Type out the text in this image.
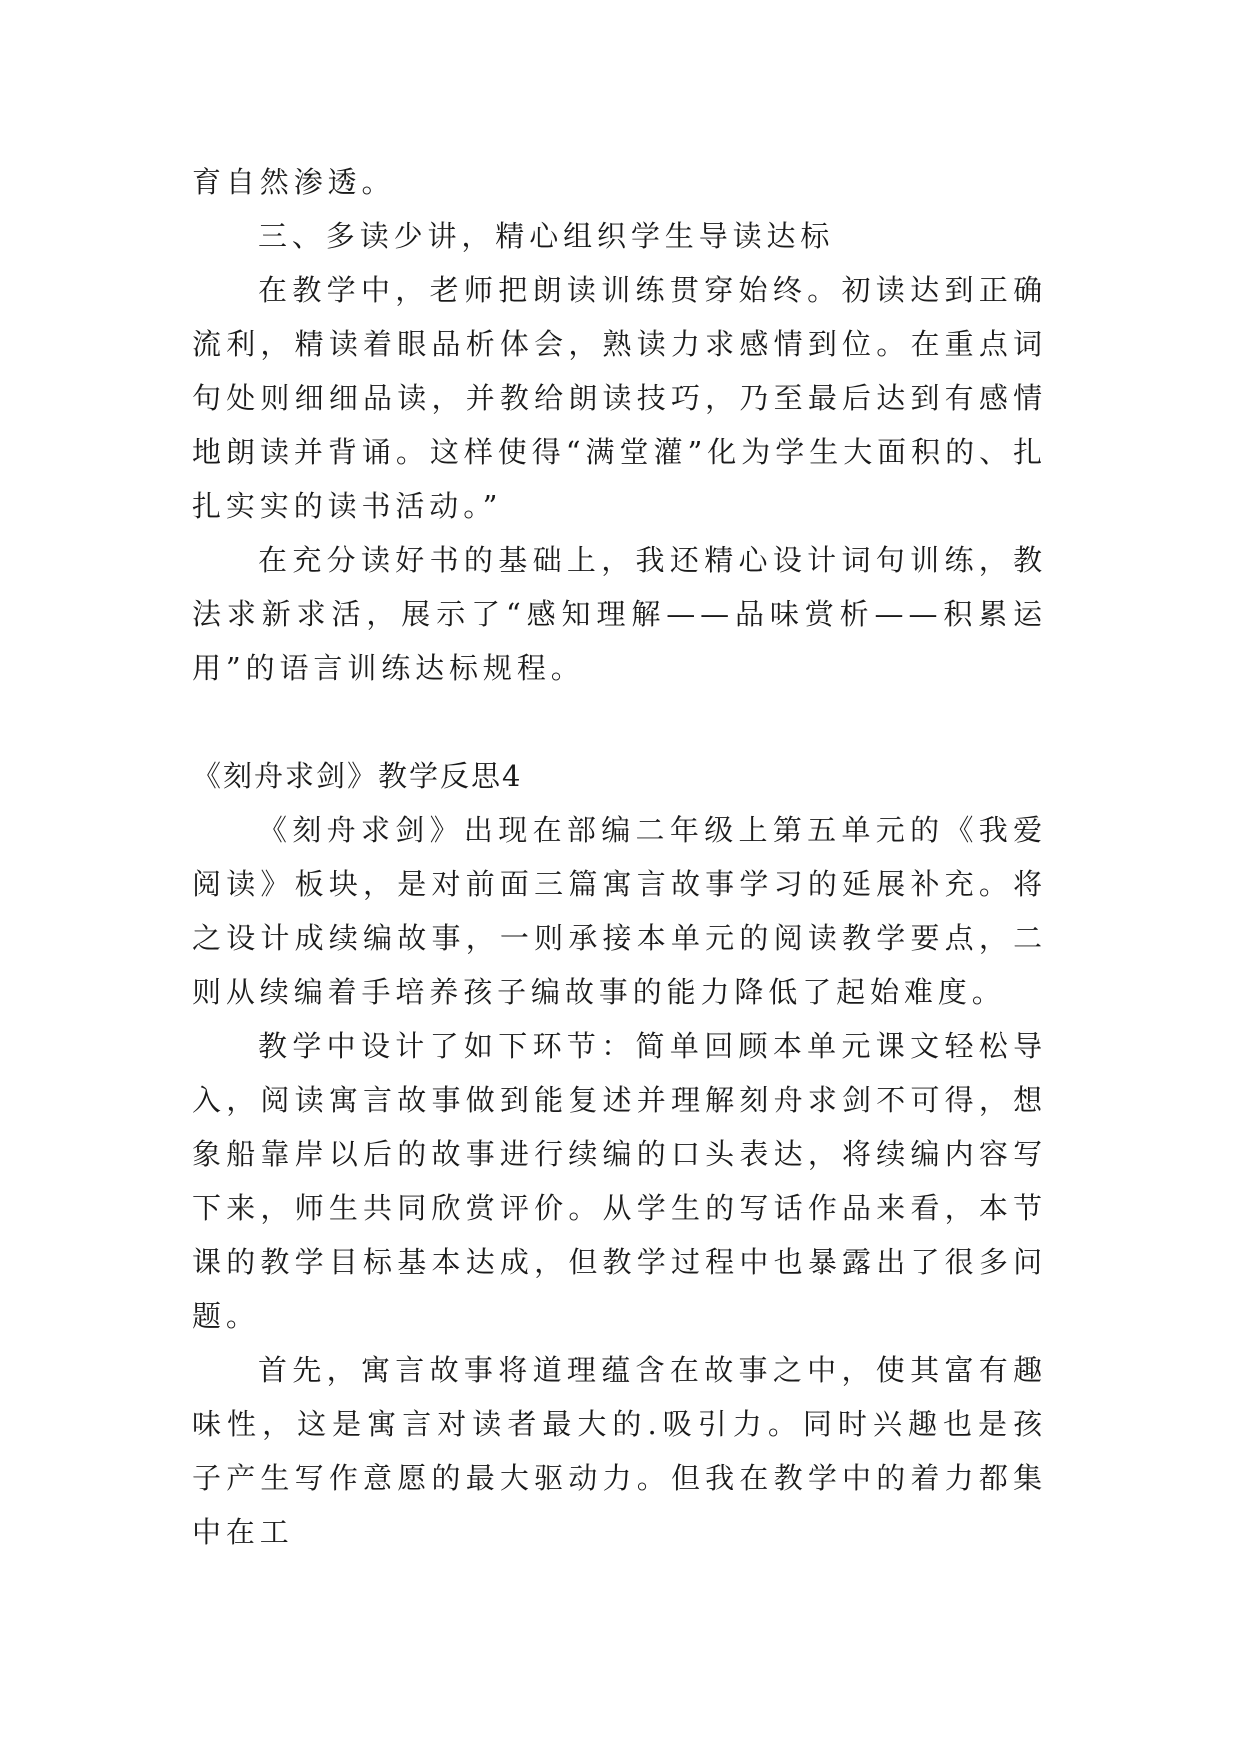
育自然渗透。

三、多读少讲，精心组织学生导读达标

在教学中，老师把朗读训练贯穿始终。初读达到正确流利，精读着眼品析体会，熟读力求感情到位。在重点词句处则细细品读，并教给朗读技巧，乃至最后达到有感情地朗读并背诵。这样使得“满堂灌”化为学生大面积的、扎扎实实的读书活动。”

在充分读好书的基础上，我还精心设计词句训练，教法求新求活，展示了“感知理解——品味赏析——积累运用”的语言训练达标规程。

《刻舟求剑》教学反思4

《刻舟求剑》出现在部编二年级上第五单元的《我爱阅读》板块，是对前面三篇寓言故事学习的延展补充。将之设计成续编故事，一则承接本单元的阅读教学要点，二则从续编着手培养孩子编故事的能力降低了起始难度。

教学中设计了如下环节：简单回顾本单元课文轻松导入，阅读寓言故事做到能复述并理解刻舟求剑不可得，想象船靠岸以后的故事进行续编的口头表达，将续编内容写下来，师生共同欣赏评价。从学生的写话作品来看，本节课的教学目标基本达成，但教学过程中也暴露出了很多问题。

首先，寓言故事将道理蕴含在故事之中，使其富有趣味性，这是寓言对读者最大的.吸引力。同时兴趣也是孩子产生写作意愿的最大驱动力。但我在教学中的着力都集中在工
